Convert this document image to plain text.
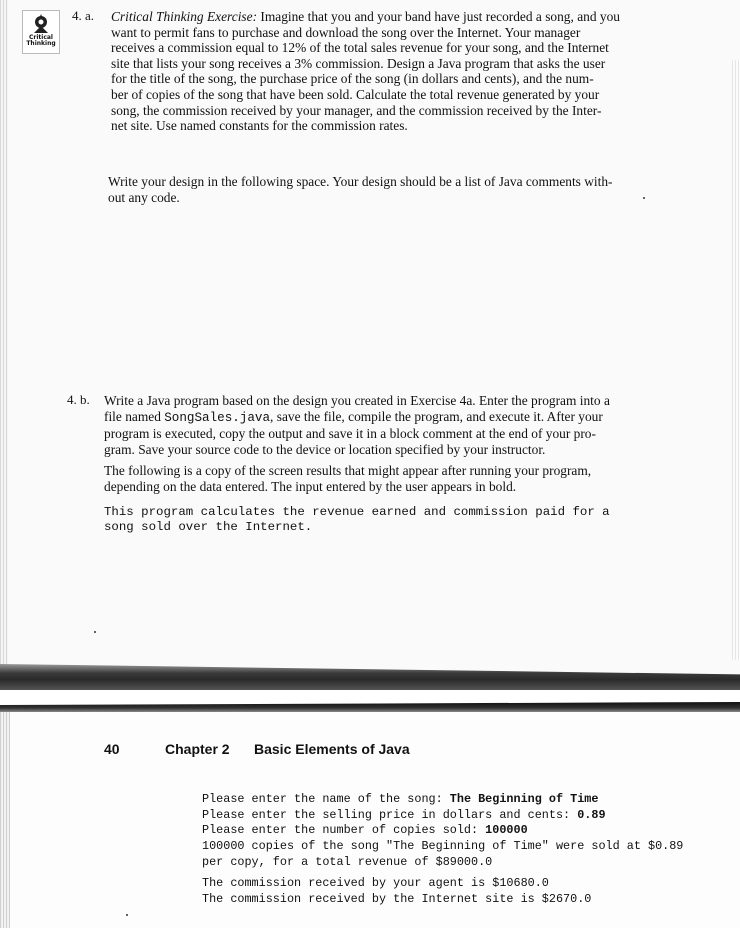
Critical
Thinking
4. a. Critical Thinking Exercise: Imagine that you and your band have just recorded a song, and you
want to permit fans to purchase and download the song over the Internet. Your manager
receives a commission equal to 12% of the total sales revenue for your song, and the Internet
site that lists your song receives a 3% commission. Design a Java program that asks the user
for the title of the song, the purchase price of the song (in dollars and cents), and the num-
ber of copies of the song that have been sold. Calculate the total revenue generated by your
song, the commission received by your manager, and the commission received by the Inter-
net site. Use named constants for the commission rates.
Write your design in the following space. Your design should be a list of Java comments with-
out any code.
4. b. Write a Java program based on the design you created in Exercise 4a. Enter the program into a
file named SongSales.java, save the file, compile the program, and execute it. After your
program is executed, copy the output and save it in a block comment at the end of your pro-
gram. Save your source code to the device or location specified by your instructor.
The following is a copy of the screen results that might appear after running your program,
depending on the data entered. The input entered by the user appears in bold.
This program calculates the revenue earned and commission paid for a
song sold over the Internet.
40	Chapter 2 Basic Elements of Java
Please enter the name of the song: The Beginning of Time
Please enter the selling price in dollars and cents: 0.89
Please enter the number of copies sold: 100000
100000 copies of the song "The Beginning of Time" were sold at $0.89
per copy, for a total revenue of $89000.0
The commission received by your agent is $10680.0
The commission received by the Internet site is $2670.0
